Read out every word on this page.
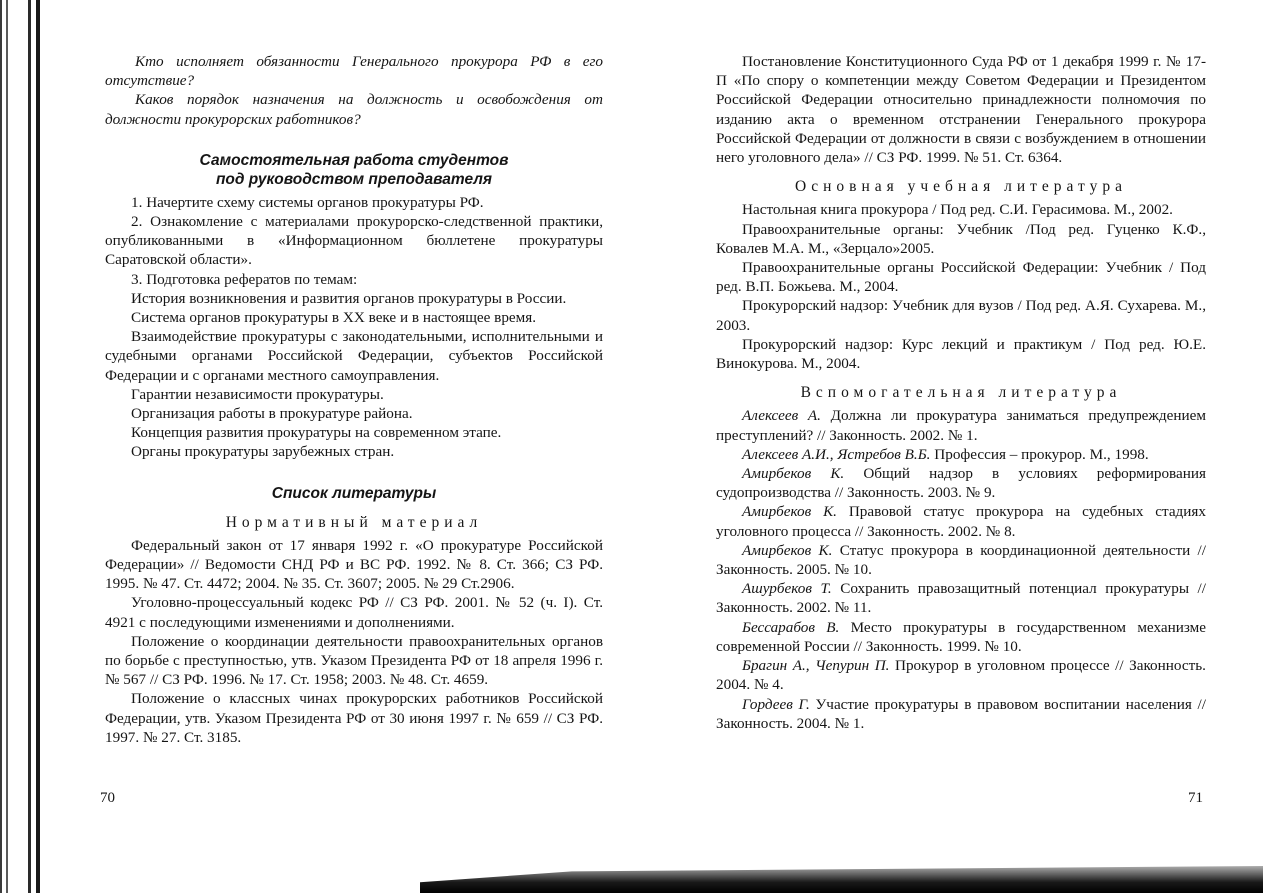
Кто исполняет обязанности Генерального прокурора РФ в его отсутствие?

Каков порядок назначения на должность и освобождения от должности прокурорских работников?

Самостоятельная работа студентов

под руководством преподавателя

1. Начертите схему системы органов прокуратуры РФ.

2. Ознакомление с материалами прокурорско-следственной практики, опубликованными в «Информационном бюллетене прокуратуры Саратовской области».

3. Подготовка рефератов по темам:

История возникновения и развития органов прокуратуры в России.

Система органов прокуратуры в XX веке и в настоящее время.

Взаимодействие прокуратуры с законодательными, исполнительными и судебными органами Российской Федерации, субъектов Российской Федерации и с органами местного самоуправления.

Гарантии независимости прокуратуры.

Организация работы в прокуратуре района.

Концепция развития прокуратуры на современном этапе.

Органы прокуратуры зарубежных стран.

Список литературы

Нормативный материал

Федеральный закон от 17 января 1992 г. «О прокуратуре Российской Федерации» // Ведомости СНД РФ и ВС РФ. 1992. № 8. Ст. 366; СЗ РФ. 1995. № 47. Ст. 4472; 2004. № 35. Ст. 3607; 2005. № 29 Ст.2906.

Уголовно-процессуальный кодекс РФ // СЗ РФ. 2001. № 52 (ч. I). Ст. 4921 с последующими изменениями и дополнениями.

Положение о координации деятельности правоохранительных органов по борьбе с преступностью, утв. Указом Президента РФ от 18 апреля 1996 г. № 567 // СЗ РФ. 1996. № 17. Ст. 1958; 2003. № 48. Ст. 4659.

Положение о классных чинах прокурорских работников Российской Федерации, утв. Указом Президента РФ от 30 июня 1997 г. № 659 // СЗ РФ. 1997. № 27. Ст. 3185.

70

Постановление Конституционного Суда РФ от 1 декабря 1999 г. № 17-П «По спору о компетенции между Советом Федерации и Президентом Российской Федерации относительно принадлежности полномочия по изданию акта о временном отстранении Генерального прокурора Российской Федерации от должности в связи с возбуждением в отношении него уголовного дела» // СЗ РФ. 1999. № 51. Ст. 6364.

Основная учебная литература

Настольная книга прокурора / Под ред. С.И. Герасимова. М., 2002.

Правоохранительные органы: Учебник /Под ред. Гуценко К.Ф., Ковалев М.А. М., «Зерцало»2005.

Правоохранительные органы Российской Федерации: Учебник / Под ред. В.П. Божьева. М., 2004.

Прокурорский надзор: Учебник для вузов / Под ред. А.Я. Сухарева. М., 2003.

Прокурорский надзор: Курс лекций и практикум / Под ред. Ю.Е. Винокурова. М., 2004.

Вспомогательная литература

Алексеев А. Должна ли прокуратура заниматься предупреждением преступлений? // Законность. 2002. № 1.

Алексеев А.И., Ястребов В.Б. Профессия – прокурор. М., 1998.

Амирбеков К. Общий надзор в условиях реформирования судопроизводства // Законность. 2003. № 9.

Амирбеков К. Правовой статус прокурора на судебных стадиях уголовного процесса // Законность. 2002. № 8.

Амирбеков К. Статус прокурора в координационной деятельности //Законность. 2005. № 10.

Ашурбеков Т. Сохранить правозащитный потенциал прокуратуры // Законность. 2002. № 11.

Бессарабов В. Место прокуратуры в государственном механизме современной России // Законность. 1999. № 10.

Брагин А., Чепурин П. Прокурор в уголовном процессе // Законность. 2004. № 4.

Гордеев Г. Участие прокуратуры в правовом воспитании населения // Законность. 2004. № 1.

71
